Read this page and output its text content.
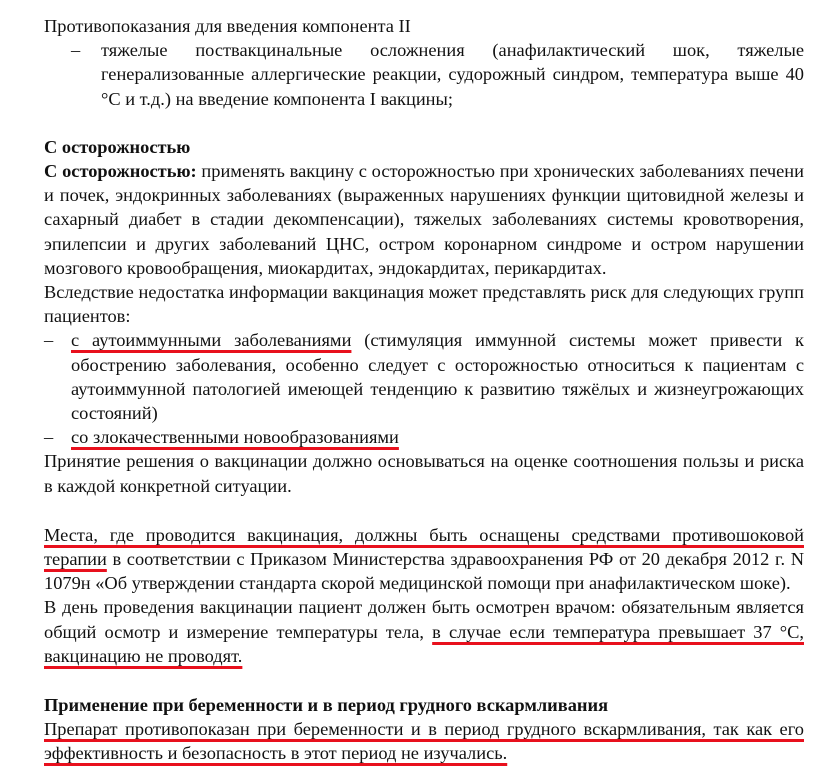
Противопоказания для введения компонента II

– тяжелые поствакцинальные осложнения (анафилактический шок, тяжелые генерализованные аллергические реакции, судорожный синдром, температура выше 40 °C и т.д.) на введение компонента I вакцины;

С осторожностью

С осторожностью: применять вакцину с осторожностью при хронических заболеваниях печени и почек, эндокринных заболеваниях (выраженных нарушениях функции щитовидной железы и сахарный диабет в стадии декомпенсации), тяжелых заболеваниях системы кровотворения, эпилепсии и других заболеваний ЦНС, остром коронарном синдроме и остром нарушении мозгового кровообращения, миокардитах, эндокардитах, перикардитах.

Вследствие недостатка информации вакцинация может представлять риск для следующих групп пациентов:

– с аутоиммунными заболеваниями (стимуляция иммунной системы может привести к обострению заболевания, особенно следует с осторожностью относиться к пациентам с аутоиммунной патологией имеющей тенденцию к развитию тяжёлых и жизнеугрожающих состояний)
– со злокачественными новообразованиями

Принятие решения о вакцинации должно основываться на оценке соотношения пользы и риска в каждой конкретной ситуации.

Места, где проводится вакцинация, должны быть оснащены средствами противошоковой терапии в соответствии с Приказом Министерства здравоохранения РФ от 20 декабря 2012 г. N 1079н «Об утверждении стандарта скорой медицинской помощи при анафилактическом шоке).

В день проведения вакцинации пациент должен быть осмотрен врачом: обязательным является общий осмотр и измерение температуры тела, в случае если температура превышает 37 °C, вакцинацию не проводят.

Применение при беременности и в период грудного вскармливания

Препарат противопоказан при беременности и в период грудного вскармливания, так как его эффективность и безопасность в этот период не изучались.
